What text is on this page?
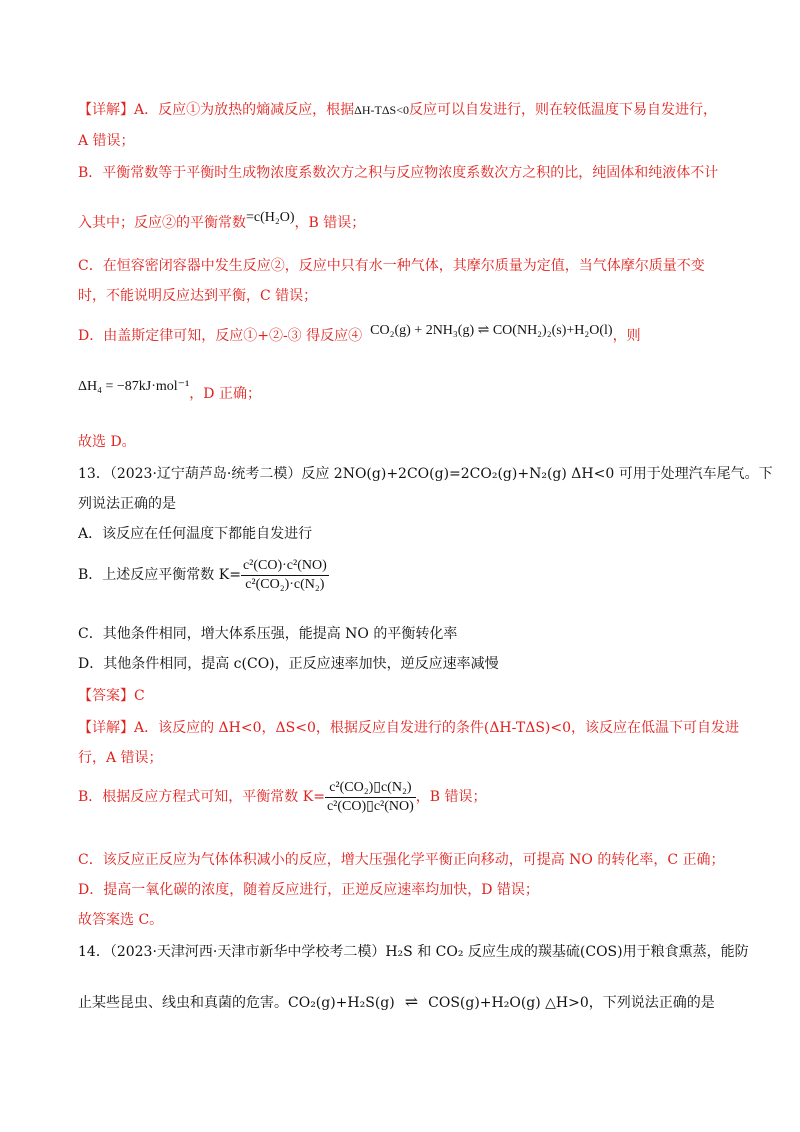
【详解】A．反应①为放热的熵减反应，根据ΔH-TΔS<0反应可以自发进行，则在较低温度下易自发进行，
A 错误；
B．平衡常数等于平衡时生成物浓度系数次方之积与反应物浓度系数次方之积的比，纯固体和纯液体不计
入其中；反应②的平衡常数=c(H₂O)，B 错误；
C．在恒容密闭容器中发生反应②，反应中只有水一种气体，其摩尔质量为定值，当气体摩尔质量不变
时，不能说明反应达到平衡，C 错误；
D．由盖斯定律可知，反应①+②-③ 得反应④ CO₂(g) + 2NH₃(g) ⇌ CO(NH₂)₂(s)+H₂O(l)，则
ΔH₄ = −87kJ·mol⁻¹，D 正确；
故选 D。
13．（2023·辽宁葫芦岛·统考二模）反应 2NO(g)+2CO(g)=2CO₂(g)+N₂(g) ΔH<0 可用于处理汽车尾气。下
列说法正确的是
A．该反应在任何温度下都能自发进行
B．上述反应平衡常数 $K= \frac{\text{c²(CO)·c²(NO)}}{\text{c²(CO₂)·c(N₂)}}$
C．其他条件相同，增大体系压强，能提高 NO 的平衡转化率
D．其他条件相同，提高 c(CO)，正反应速率加快，逆反应速率减慢
【答案】C
【详解】A．该反应的 ΔH<0，ΔS<0，根据反应自发进行的条件(ΔH-TΔS)<0，该反应在低温下可自发进
行，A 错误；
B．根据反应方程式可知，平衡常数 $K= \frac{\text{c²(CO₂)▯c(N₂)}}{\text{c²(CO)▯c²(NO)}}$ ，B 错误；
C．该反应正反应为气体体积减小的反应，增大压强化学平衡正向移动，可提高 NO 的转化率，C 正确；
D．提高一氧化碳的浓度，随着反应进行，正逆反应速率均加快，D 错误；
故答案选 C。
14．（2023·天津河西·天津市新华中学校考二模）H₂S 和 CO₂ 反应生成的羰基硫(COS)用于粮食熏蒸，能防
止某些昆虫、线虫和真菌的危害。CO₂(g)+H₂S(g) ⇌ COS(g)+H₂O(g) △H>0，下列说法正确的是
